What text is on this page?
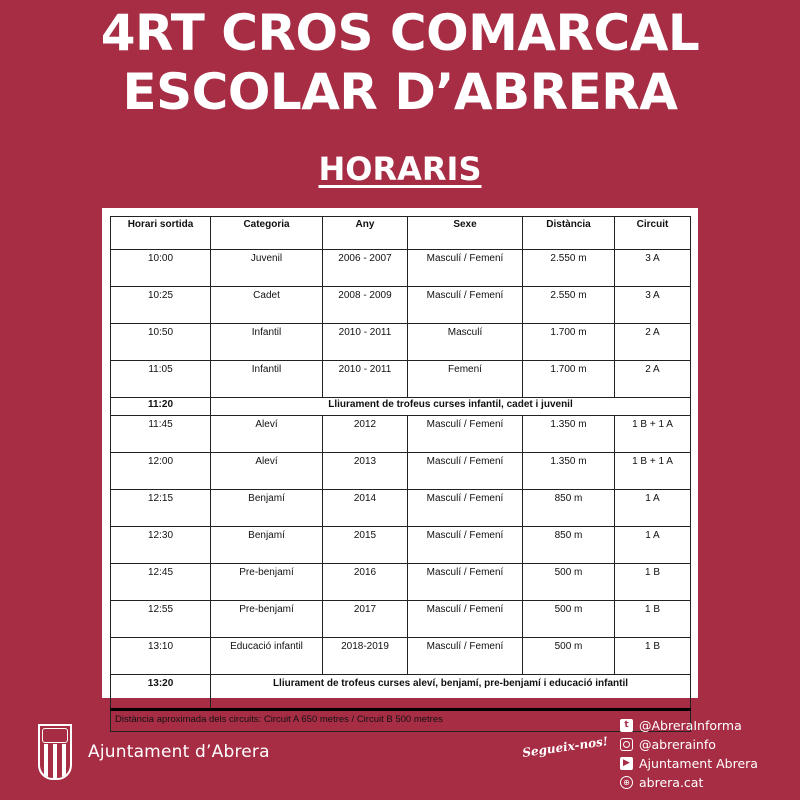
4RT CROS COMARCAL
ESCOLAR D’ABRERA
HORARIS
Horari sortida	Categoria	Any	Sexe	Distància	Circuit
10:00	Juvenil	2006 - 2007	Masculí / Femení	2.550 m	3 A
10:25	Cadet	2008 - 2009	Masculí / Femení	2.550 m	3 A
10:50	Infantil	2010 - 2011	Masculí	1.700 m	2 A
11:05	Infantil	2010 - 2011	Femení	1.700 m	2 A
11:20	Lliurament de trofeus curses infantil, cadet i juvenil				
11:45	Aleví	2012	Masculí / Femení	1.350 m	1 B + 1 A
12:00	Aleví	2013	Masculí / Femení	1.350 m	1 B + 1 A
12:15	Benjamí	2014	Masculí / Femení	850 m	1 A
12:30	Benjamí	2015	Masculí / Femení	850 m	1 A
12:45	Pre-benjamí	2016	Masculí / Femení	500 m	1 B
12:55	Pre-benjamí	2017	Masculí / Femení	500 m	1 B
13:10	Educació infantil	2018-2019	Masculí / Femení	500 m	1 B
13:20	Lliurament de trofeus curses aleví, benjamí, pre-benjamí i educació infantil				
Distància aproximada dels circuits: Circuit A 650 metres / Circuit B 500 metres					
Ajuntament d’Abrera	Segueix-nos!
t @AbreraInforma
@abrerainfo
▶ Ajuntament Abrera
⊕ abrera.cat
